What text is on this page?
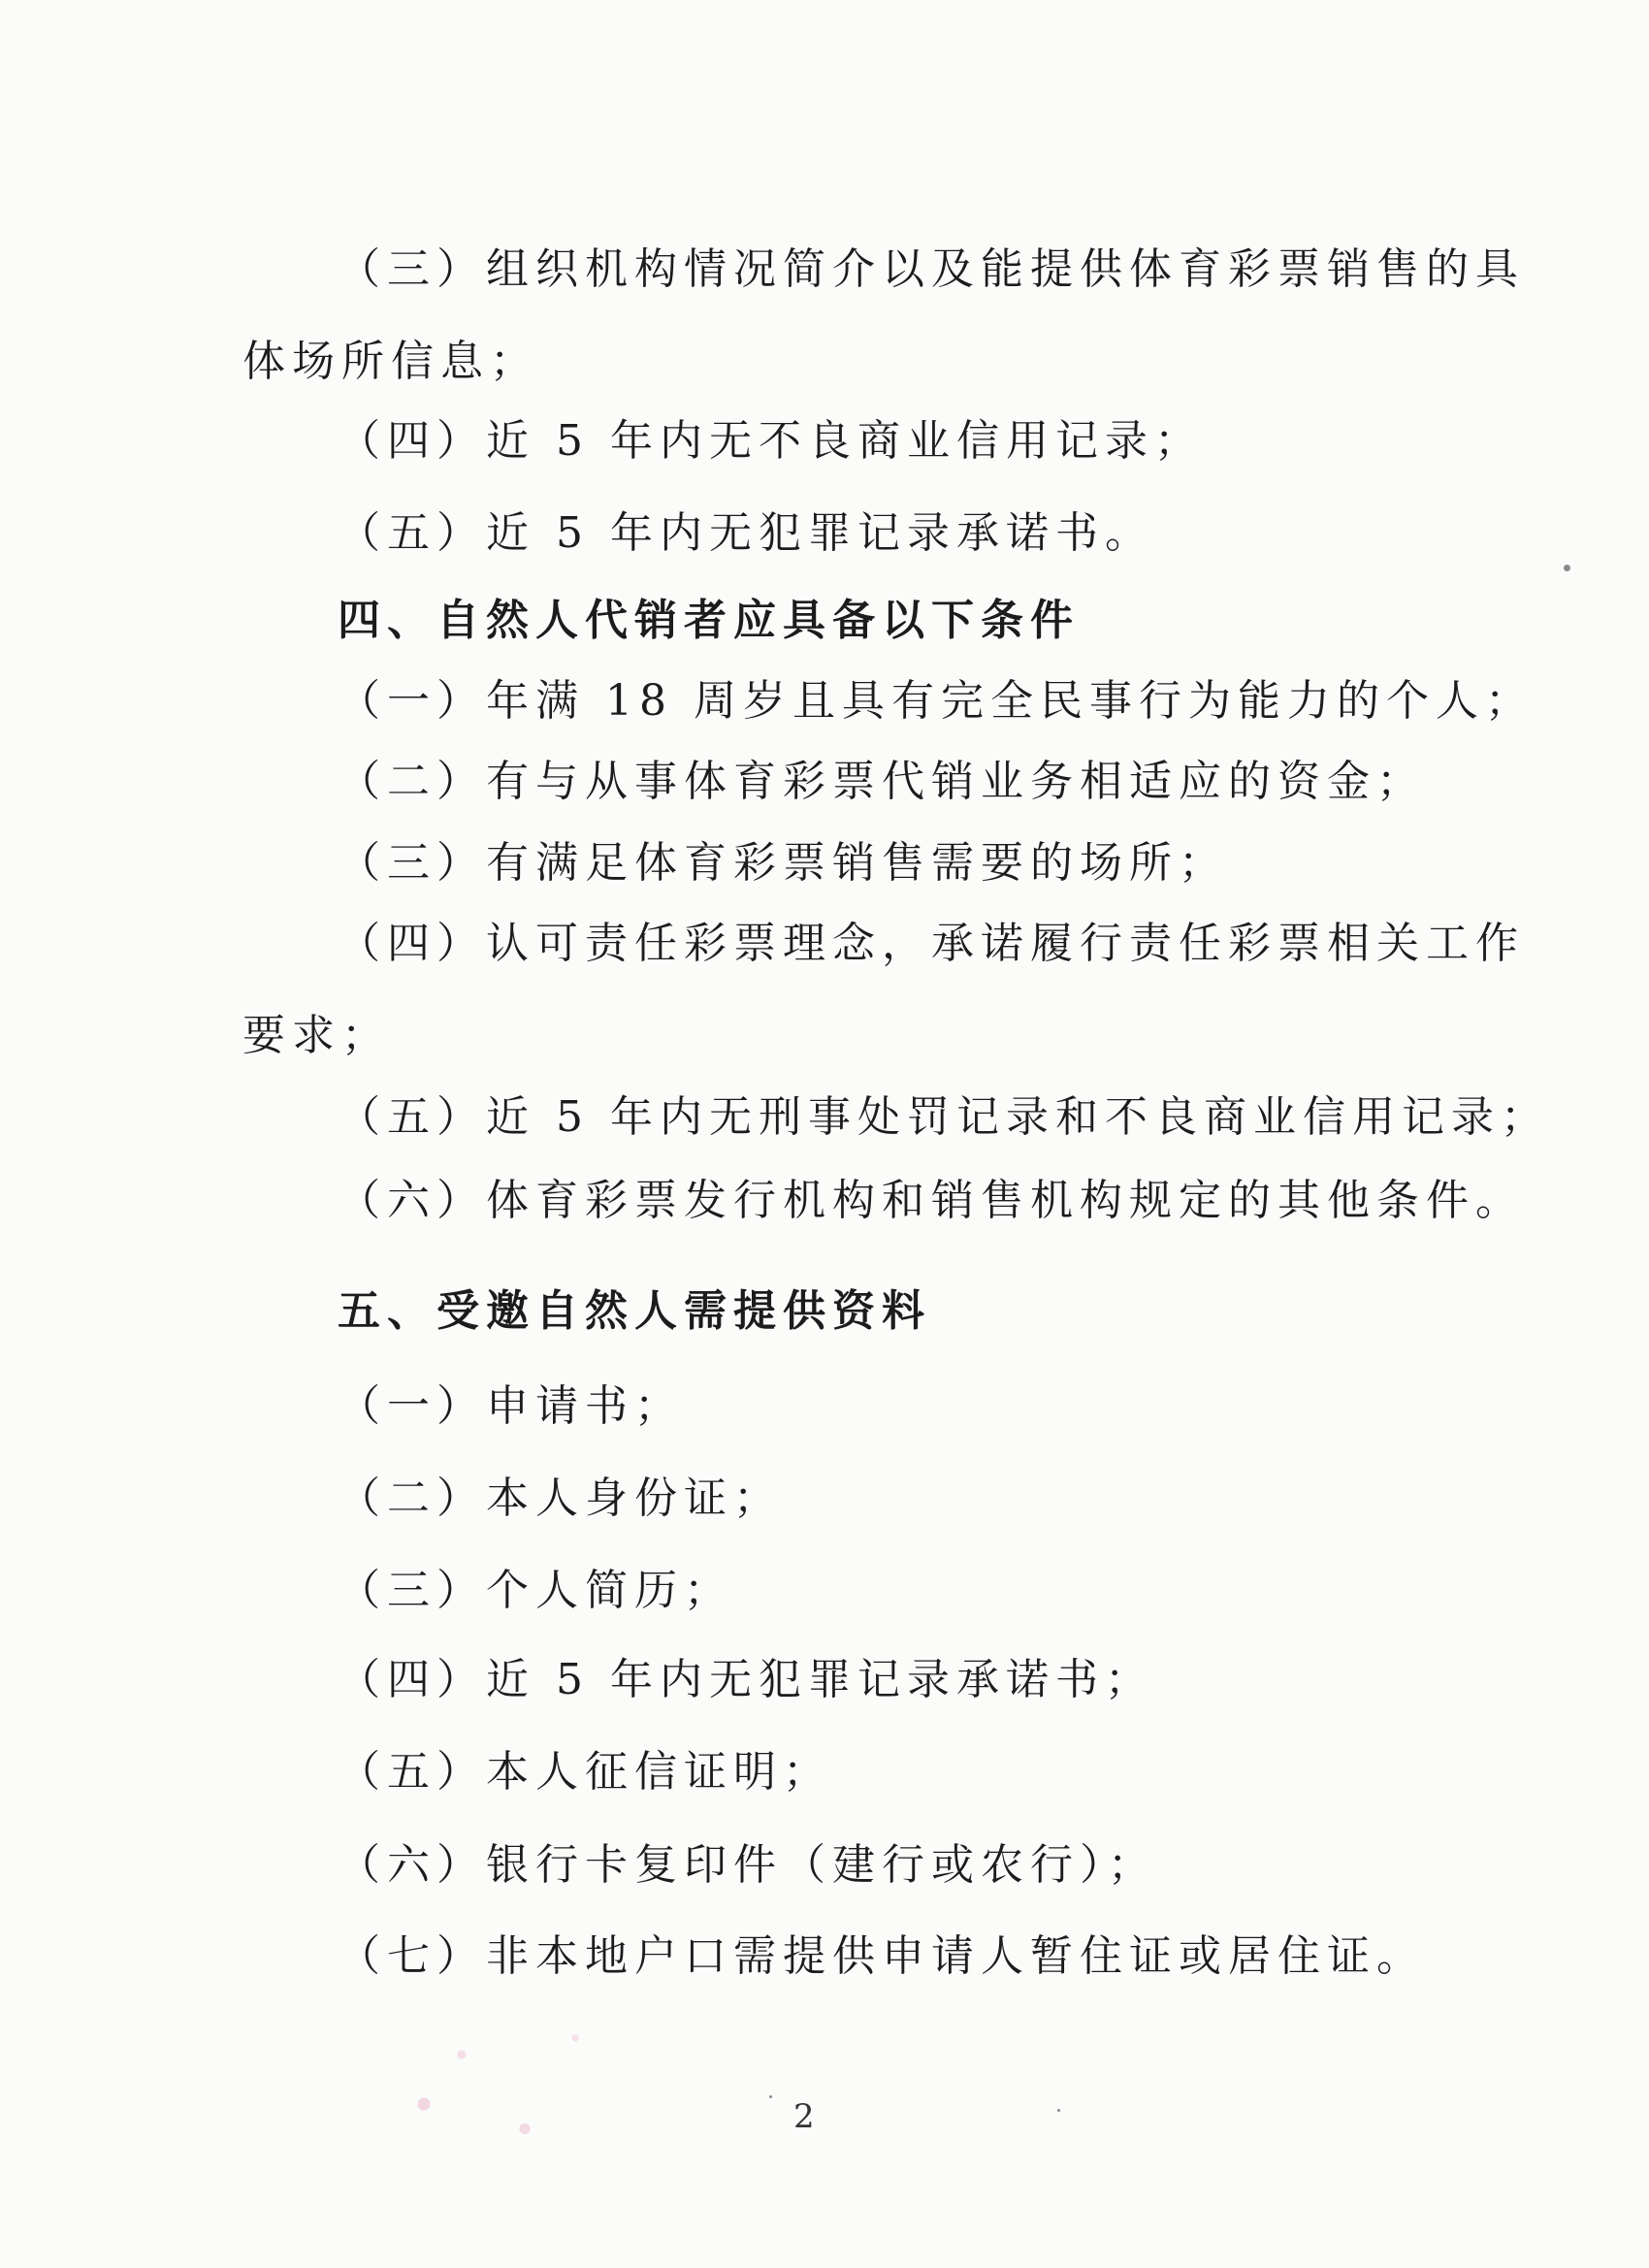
（三）组织机构情况简介以及能提供体育彩票销售的具
体场所信息；
（四）近 5 年内无不良商业信用记录；
（五）近 5 年内无犯罪记录承诺书。
四、自然人代销者应具备以下条件
（一）年满 18 周岁且具有完全民事行为能力的个人；
（二）有与从事体育彩票代销业务相适应的资金；
（三）有满足体育彩票销售需要的场所；
（四）认可责任彩票理念，承诺履行责任彩票相关工作
要求；
（五）近 5 年内无刑事处罚记录和不良商业信用记录；
（六）体育彩票发行机构和销售机构规定的其他条件。
五、受邀自然人需提供资料
（一）申请书；
（二）本人身份证；
（三）个人简历；
（四）近 5 年内无犯罪记录承诺书；
（五）本人征信证明；
（六）银行卡复印件（建行或农行）；
（七）非本地户口需提供申请人暂住证或居住证。
2
